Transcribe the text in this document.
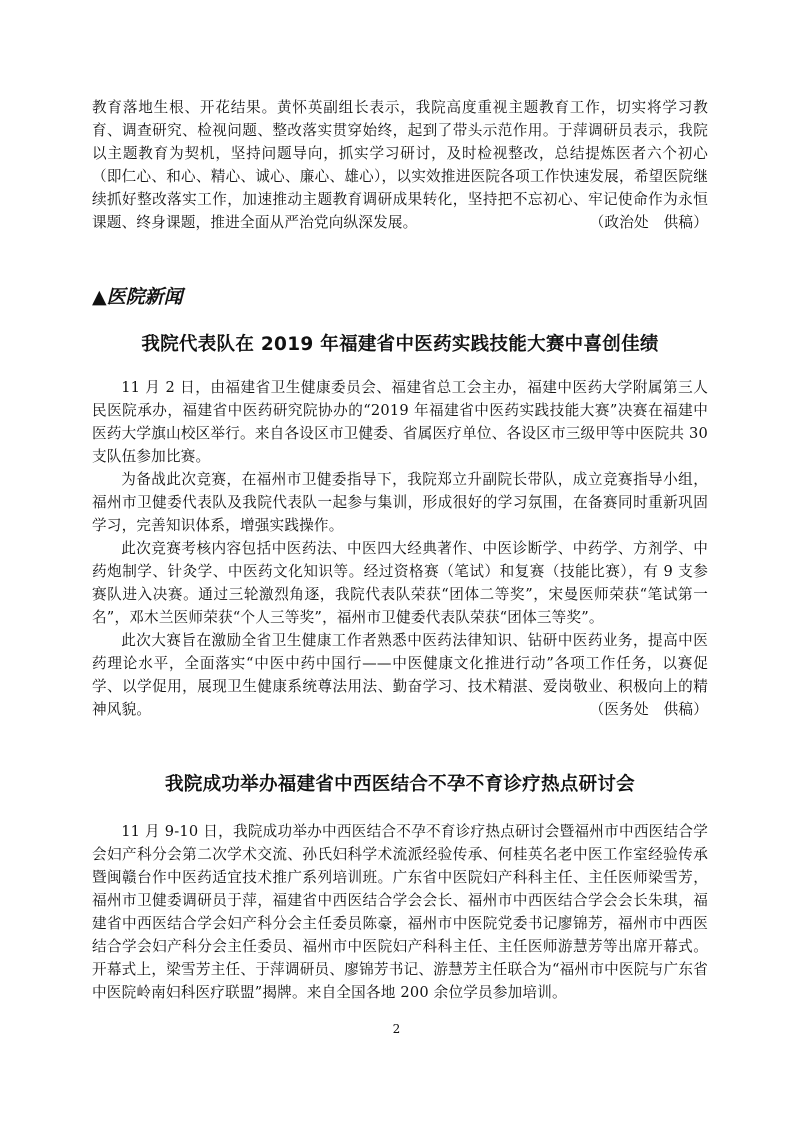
教育落地生根、开花结果。黄怀英副组长表示，我院高度重视主题教育工作，切实将学习教育、调查研究、检视问题、整改落实贯穿始终，起到了带头示范作用。于萍调研员表示，我院以主题教育为契机，坚持问题导向，抓实学习研讨，及时检视整改，总结提炼医者六个初心（即仁心、和心、精心、诚心、廉心、雄心），以实效推进医院各项工作快速发展，希望医院继续抓好整改落实工作，加速推动主题教育调研成果转化，坚持把不忘初心、牢记使命作为永恒课题、终身课题，推进全面从严治党向纵深发展。	（政治处　供稿）

▲医院新闻
我院代表队在 2019 年福建省中医药实践技能大赛中喜创佳绩

11 月 2 日，由福建省卫生健康委员会、福建省总工会主办，福建中医药大学附属第三人民医院承办，福建省中医药研究院协办的“2019 年福建省中医药实践技能大赛”决赛在福建中医药大学旗山校区举行。来自各设区市卫健委、省属医疗单位、各设区市三级甲等中医院共 30 支队伍参加比赛。

为备战此次竞赛，在福州市卫健委指导下，我院郑立升副院长带队，成立竞赛指导小组，福州市卫健委代表队及我院代表队一起参与集训，形成很好的学习氛围，在备赛同时重新巩固学习，完善知识体系，增强实践操作。

此次竞赛考核内容包括中医药法、中医四大经典著作、中医诊断学、中药学、方剂学、中药炮制学、针灸学、中医药文化知识等。经过资格赛（笔试）和复赛（技能比赛），有 9 支参赛队进入决赛。通过三轮激烈角逐，我院代表队荣获“团体二等奖”，宋曼医师荣获“笔试第一名”，邓木兰医师荣获“个人三等奖”，福州市卫健委代表队荣获“团体三等奖”。

此次大赛旨在激励全省卫生健康工作者熟悉中医药法律知识、钻研中医药业务，提高中医药理论水平，全面落实“中医中药中国行——中医健康文化推进行动”各项工作任务，以赛促学、以学促用，展现卫生健康系统尊法用法、勤奋学习、技术精湛、爱岗敬业、积极向上的精神风貌。	（医务处　供稿）

我院成功举办福建省中西医结合不孕不育诊疗热点研讨会

11 月 9-10 日，我院成功举办中西医结合不孕不育诊疗热点研讨会暨福州市中西医结合学会妇产科分会第二次学术交流、孙氏妇科学术流派经验传承、何桂英名老中医工作室经验传承暨闽赣台作中医药适宜技术推广系列培训班。广东省中医院妇产科科主任、主任医师梁雪芳，福州市卫健委调研员于萍，福建省中西医结合学会会长、福州市中西医结合学会会长朱琪，福建省中西医结合学会妇产科分会主任委员陈豪，福州市中医院党委书记廖锦芳，福州市中西医结合学会妇产科分会主任委员、福州市中医院妇产科科主任、主任医师游慧芳等出席开幕式。开幕式上，梁雪芳主任、于萍调研员、廖锦芳书记、游慧芳主任联合为“福州市中医院与广东省中医院岭南妇科医疗联盟”揭牌。来自全国各地 200 余位学员参加培训。

2
